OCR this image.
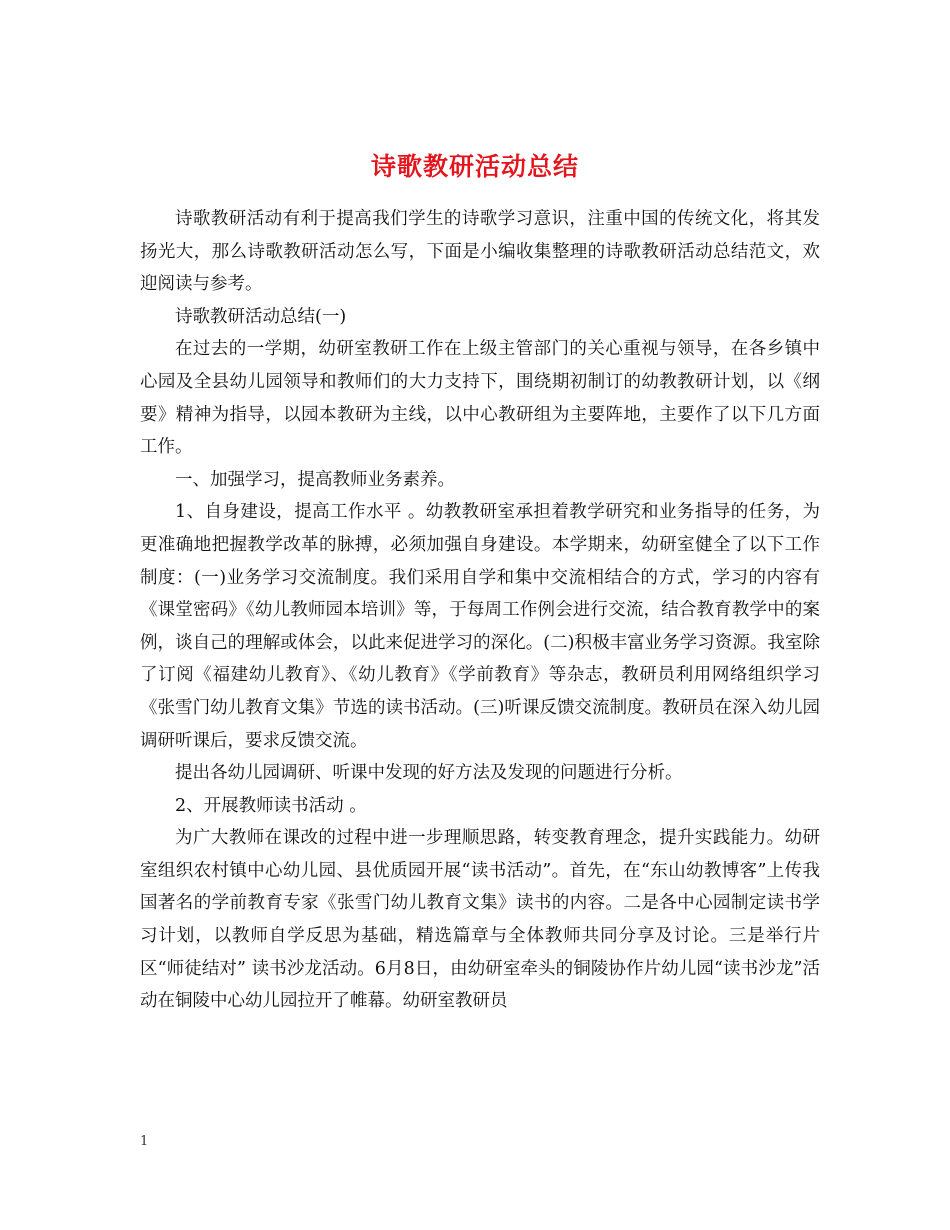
诗歌教研活动总结

诗歌教研活动有利于提高我们学生的诗歌学习意识，注重中国的传统文化，将其发扬光大，那么诗歌教研活动怎么写，下面是小编收集整理的诗歌教研活动总结范文，欢迎阅读与参考。

诗歌教研活动总结(一)

在过去的一学期，幼研室教研工作在上级主管部门的关心重视与领导，在各乡镇中心园及全县幼儿园领导和教师们的大力支持下，围绕期初制订的幼教教研计划，以《纲要》精神为指导，以园本教研为主线，以中心教研组为主要阵地，主要作了以下几方面工作。

一、加强学习，提高教师业务素养。

1、自身建设，提高工作水平 。幼教教研室承担着教学研究和业务指导的任务，为更准确地把握教学改革的脉搏，必须加强自身建设。本学期来，幼研室健全了以下工作制度：(一)业务学习交流制度。我们采用自学和集中交流相结合的方式，学习的内容有《课堂密码》《幼儿教师园本培训》等，于每周工作例会进行交流，结合教育教学中的案例，谈自己的理解或体会，以此来促进学习的深化。(二)积极丰富业务学习资源。我室除了订阅《福建幼儿教育》、《幼儿教育》《学前教育》等杂志，教研员利用网络组织学习《张雪门幼儿教育文集》节选的读书活动。(三)听课反馈交流制度。教研员在深入幼儿园调研听课后，要求反馈交流。

提出各幼儿园调研、听课中发现的好方法及发现的问题进行分析。

2、开展教师读书活动 。

为广大教师在课改的过程中进一步理顺思路，转变教育理念，提升实践能力。幼研室组织农村镇中心幼儿园、县优质园开展“读书活动”。首先，在“东山幼教博客”上传我国著名的学前教育专家《张雪门幼儿教育文集》读书的内容。二是各中心园制定读书学习计划，以教师自学反思为基础，精选篇章与全体教师共同分享及讨论。三是举行片区“师徒结对” 读书沙龙活动。6月8日，由幼研室牵头的铜陵协作片幼儿园“读书沙龙”活动在铜陵中心幼儿园拉开了帷幕。幼研室教研员

1
